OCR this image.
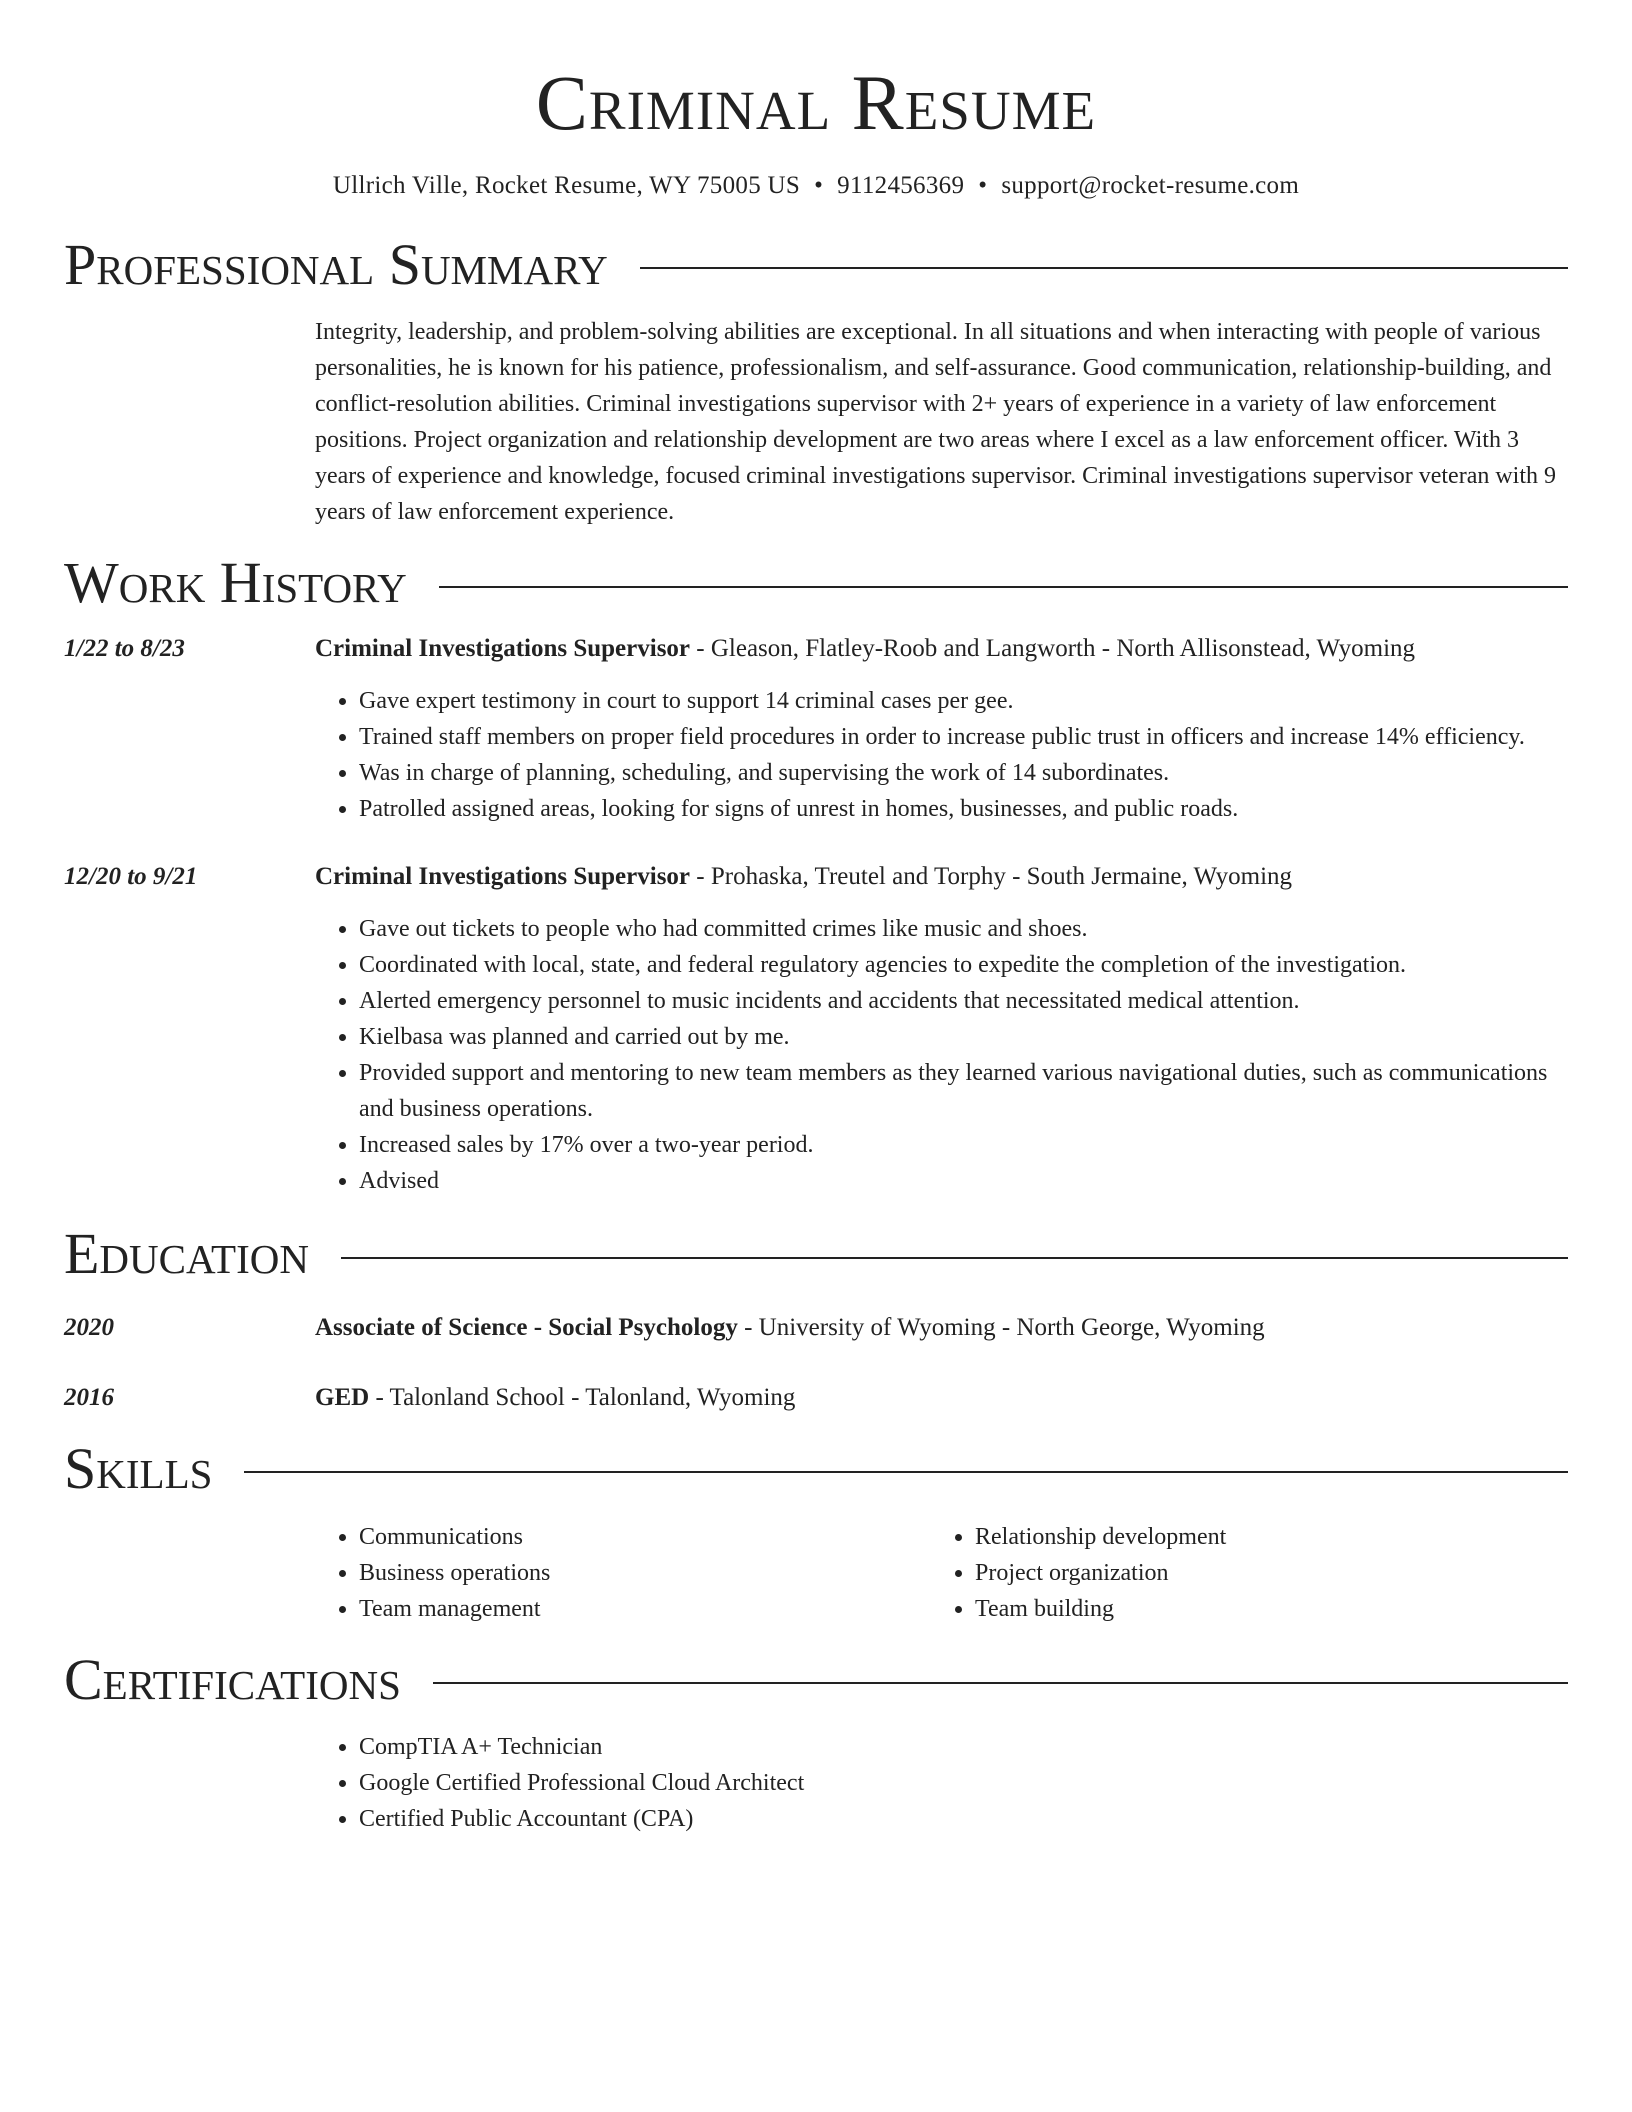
Criminal Resume
Ullrich Ville, Rocket Resume, WY 75005 US • 9112456369 • support@rocket-resume.com
Professional Summary
Integrity, leadership, and problem-solving abilities are exceptional. In all situations and when interacting with people of various personalities, he is known for his patience, professionalism, and self-assurance. Good communication, relationship-building, and conflict-resolution abilities. Criminal investigations supervisor with 2+ years of experience in a variety of law enforcement positions. Project organization and relationship development are two areas where I excel as a law enforcement officer. With 3 years of experience and knowledge, focused criminal investigations supervisor. Criminal investigations supervisor veteran with 9 years of law enforcement experience.
Work History
1/22 to 8/23	Criminal Investigations Supervisor - Gleason, Flatley-Roob and Langworth - North Allisonstead, Wyoming
• Gave expert testimony in court to support 14 criminal cases per gee.
• Trained staff members on proper field procedures in order to increase public trust in officers and increase 14% efficiency.
• Was in charge of planning, scheduling, and supervising the work of 14 subordinates.
• Patrolled assigned areas, looking for signs of unrest in homes, businesses, and public roads.
12/20 to 9/21	Criminal Investigations Supervisor - Prohaska, Treutel and Torphy - South Jermaine, Wyoming
• Gave out tickets to people who had committed crimes like music and shoes.
• Coordinated with local, state, and federal regulatory agencies to expedite the completion of the investigation.
• Alerted emergency personnel to music incidents and accidents that necessitated medical attention.
• Kielbasa was planned and carried out by me.
• Provided support and mentoring to new team members as they learned various navigational duties, such as communications and business operations.
• Increased sales by 17% over a two-year period.
• Advised
Education
2020	Associate of Science - Social Psychology - University of Wyoming - North George, Wyoming
2016	GED - Talonland School - Talonland, Wyoming
Skills
• Communications
• Business operations
• Team management
• Relationship development
• Project organization
• Team building
Certifications
• CompTIA A+ Technician
• Google Certified Professional Cloud Architect
• Certified Public Accountant (CPA)
